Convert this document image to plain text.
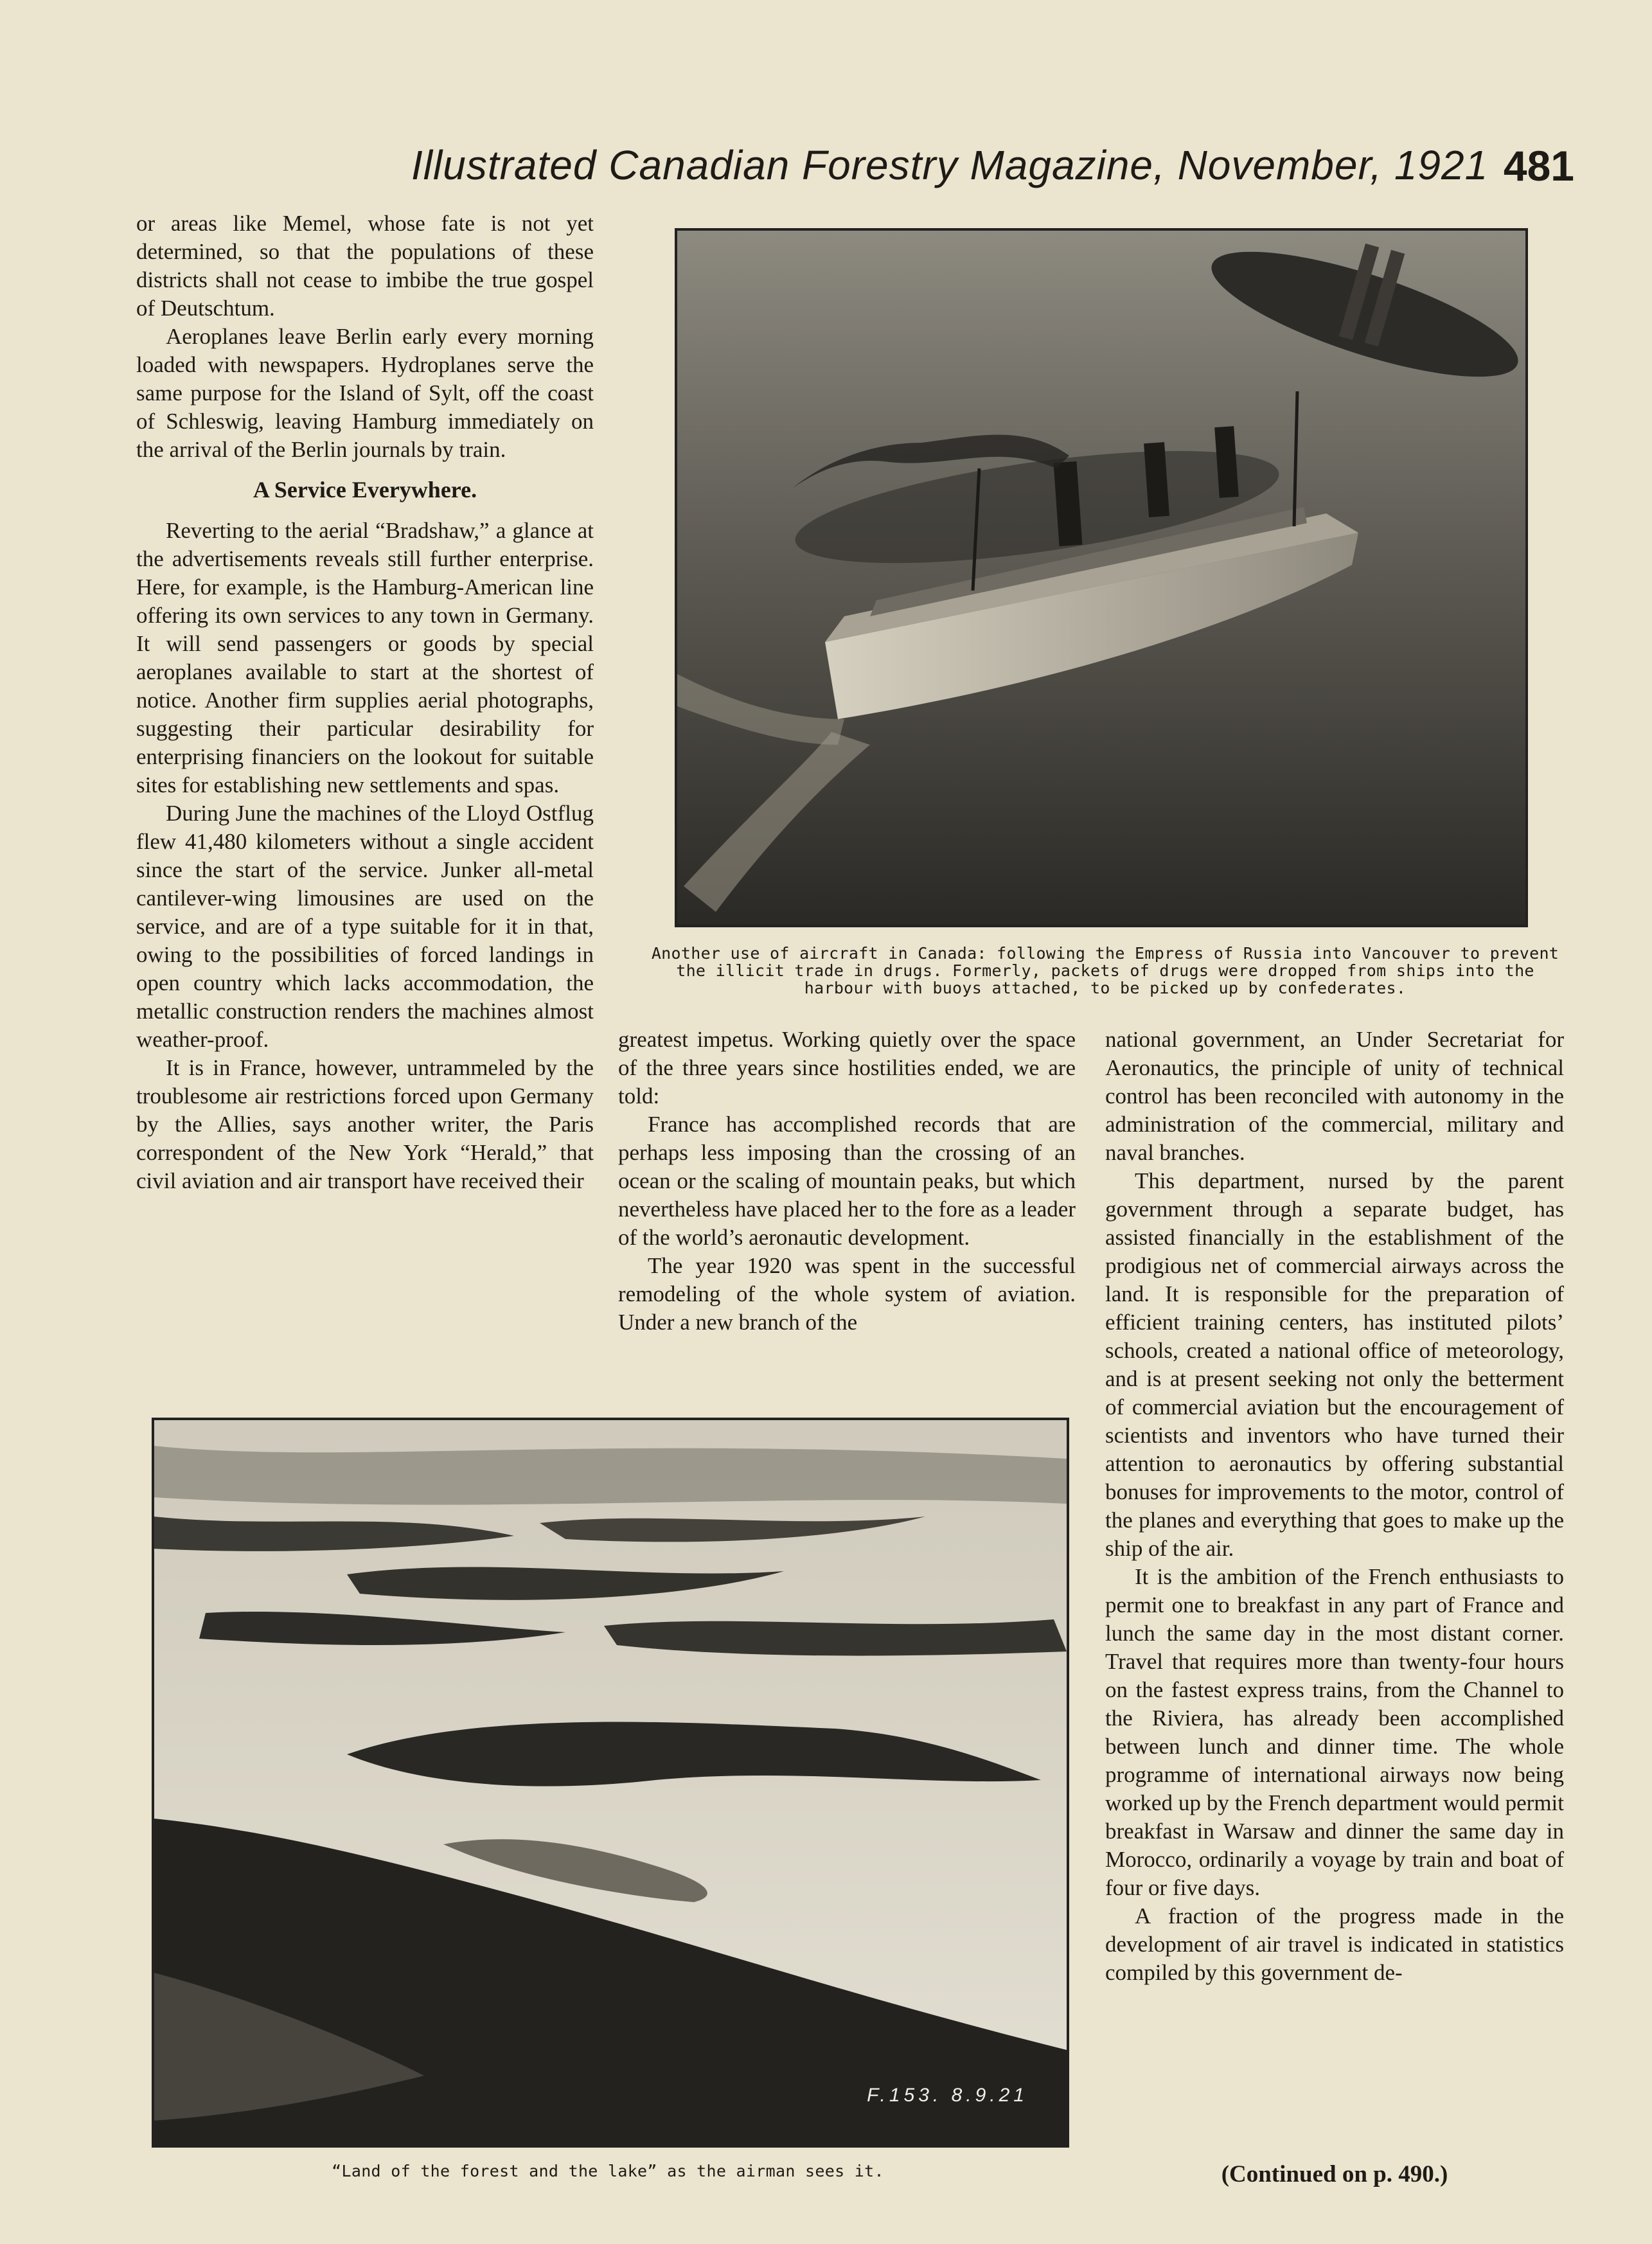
Illustrated Canadian Forestry Magazine, November, 1921 481

or areas like Memel, whose fate is not yet determined, so that the populations of these districts shall not cease to imbibe the true gospel of Deutschtum.

Aeroplanes leave Berlin early every morning loaded with newspapers. Hydroplanes serve the same purpose for the Island of Sylt, off the coast of Schleswig, leaving Hamburg immediately on the arrival of the Berlin journals by train.

A Service Everywhere.

Reverting to the aerial “Bradshaw,” a glance at the advertisements reveals still further enterprise. Here, for example, is the Hamburg-American line offering its own services to any town in Germany. It will send passengers or goods by special aeroplanes available to start at the shortest of notice. Another firm supplies aerial photographs, suggesting their particular desirability for enterprising financiers on the lookout for suitable sites for establishing new settlements and spas.

During June the machines of the Lloyd Ostflug flew 41,480 kilometers without a single accident since the start of the service. Junker all-metal cantilever-wing limousines are used on the service, and are of a type suitable for it in that, owing to the possibilities of forced landings in open country which lacks accommodation, the metallic construction renders the machines almost weather-proof.

It is in France, however, untrammeled by the troublesome air restrictions forced upon Germany by the Allies, says another writer, the Paris correspondent of the New York “Herald,” that civil aviation and air transport have received their

Another use of aircraft in Canada: following the Empress of Russia into Vancouver to prevent the illicit trade in drugs. Formerly, packets of drugs were dropped from ships into the harbour with buoys attached, to be picked up by confederates.

greatest impetus. Working quietly over the space of the three years since hostilities ended, we are told:

France has accomplished records that are perhaps less imposing than the crossing of an ocean or the scaling of mountain peaks, but which nevertheless have placed her to the fore as a leader of the world’s aeronautic development.

The year 1920 was spent in the successful remodeling of the whole system of aviation. Under a new branch of the

national government, an Under Secretariat for Aeronautics, the principle of unity of technical control has been reconciled with autonomy in the administration of the commercial, military and naval branches.

This department, nursed by the parent government through a separate budget, has assisted financially in the establishment of the prodigious net of commercial airways across the land. It is responsible for the preparation of efficient training centers, has instituted pilots’ schools, created a national office of meteorology, and is at present seeking not only the betterment of commercial aviation but the encouragement of scientists and inventors who have turned their attention to aeronautics by offering substantial bonuses for improvements to the motor, control of the planes and everything that goes to make up the ship of the air.

It is the ambition of the French enthusiasts to permit one to breakfast in any part of France and lunch the same day in the most distant corner. Travel that requires more than twenty-four hours on the fastest express trains, from the Channel to the Riviera, has already been accomplished between lunch and dinner time. The whole programme of international airways now being worked up by the French department would permit breakfast in Warsaw and dinner the same day in Morocco, ordinarily a voyage by train and boat of four or five days.

A fraction of the progress made in the development of air travel is indicated in statistics compiled by this government de-

(Continued on p. 490.)
F.153. 8.9.21
“Land of the forest and the lake” as the airman sees it.
